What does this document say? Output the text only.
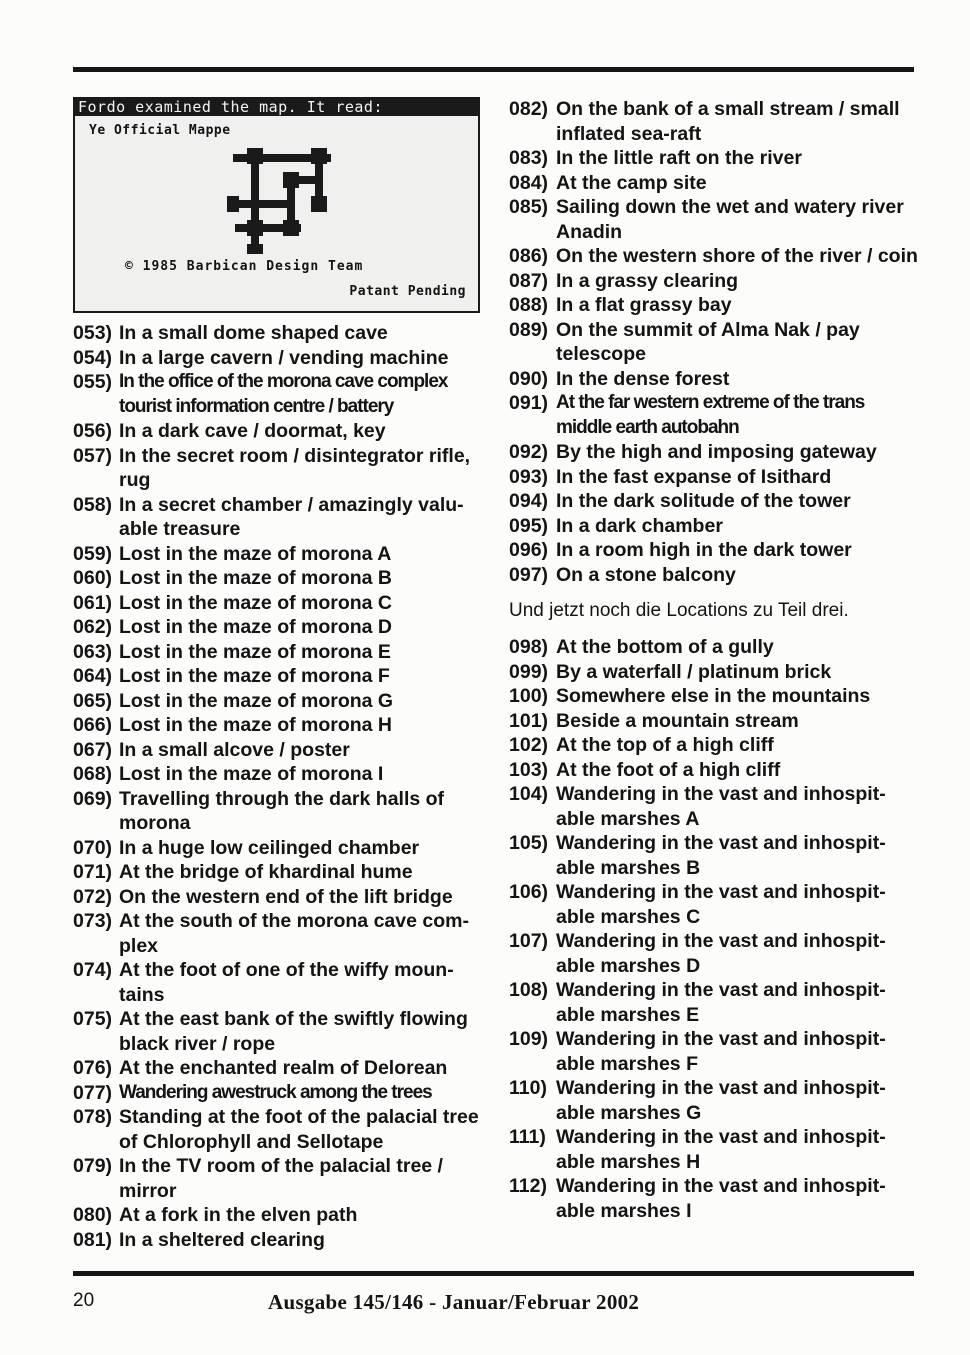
Fordo examined the map. It read:
Ye Official Mappe
© 1985 Barbican Design Team
Patant Pending
053) In a small dome shaped cave
054) In a large cavern / vending machine
055) In the office of the morona cave complex tourist information centre / battery
056) In a dark cave / doormat, key
057) In the secret room / disintegrator rifle, rug
058) In a secret chamber / amazingly valu-able treasure
059) Lost in the maze of morona A
060) Lost in the maze of morona B
061) Lost in the maze of morona C
062) Lost in the maze of morona D
063) Lost in the maze of morona E
064) Lost in the maze of morona F
065) Lost in the maze of morona G
066) Lost in the maze of morona H
067) In a small alcove / poster
068) Lost in the maze of morona I
069) Travelling through the dark halls of morona
070) In a huge low ceilinged chamber
071) At the bridge of khardinal hume
072) On the western end of the lift bridge
073) At the south of the morona cave com-plex
074) At the foot of one of the wiffy moun-tains
075) At the east bank of the swiftly flowing black river / rope
076) At the enchanted realm of Delorean
077) Wandering awestruck among the trees
078) Standing at the foot of the palacial tree of Chlorophyll and Sellotape
079) In the TV room of the palacial tree / mirror
080) At a fork in the elven path
081) In a sheltered clearing
082) On the bank of a small stream / small inflated sea-raft
083) In the little raft on the river
084) At the camp site
085) Sailing down the wet and watery river Anadin
086) On the western shore of the river / coin
087) In a grassy clearing
088) In a flat grassy bay
089) On the summit of Alma Nak / pay telescope
090) In the dense forest
091) At the far western extreme of the trans middle earth autobahn
092) By the high and imposing gateway
093) In the fast expanse of Isithard
094) In the dark solitude of the tower
095) In a dark chamber
096) In a room high in the dark tower
097) On a stone balcony
Und jetzt noch die Locations zu Teil drei.
098) At the bottom of a gully
099) By a waterfall / platinum brick
100) Somewhere else in the mountains
101) Beside a mountain stream
102) At the top of a high cliff
103) At the foot of a high cliff
104) Wandering in the vast and inhospit-able marshes A
105) Wandering in the vast and inhospit-able marshes B
106) Wandering in the vast and inhospit-able marshes C
107) Wandering in the vast and inhospit-able marshes D
108) Wandering in the vast and inhospit-able marshes E
109) Wandering in the vast and inhospit-able marshes F
110) Wandering in the vast and inhospit-able marshes G
111) Wandering in the vast and inhospit-able marshes H
112) Wandering in the vast and inhospit-able marshes I
20	Ausgabe 145/146 - Januar/Februar 2002
